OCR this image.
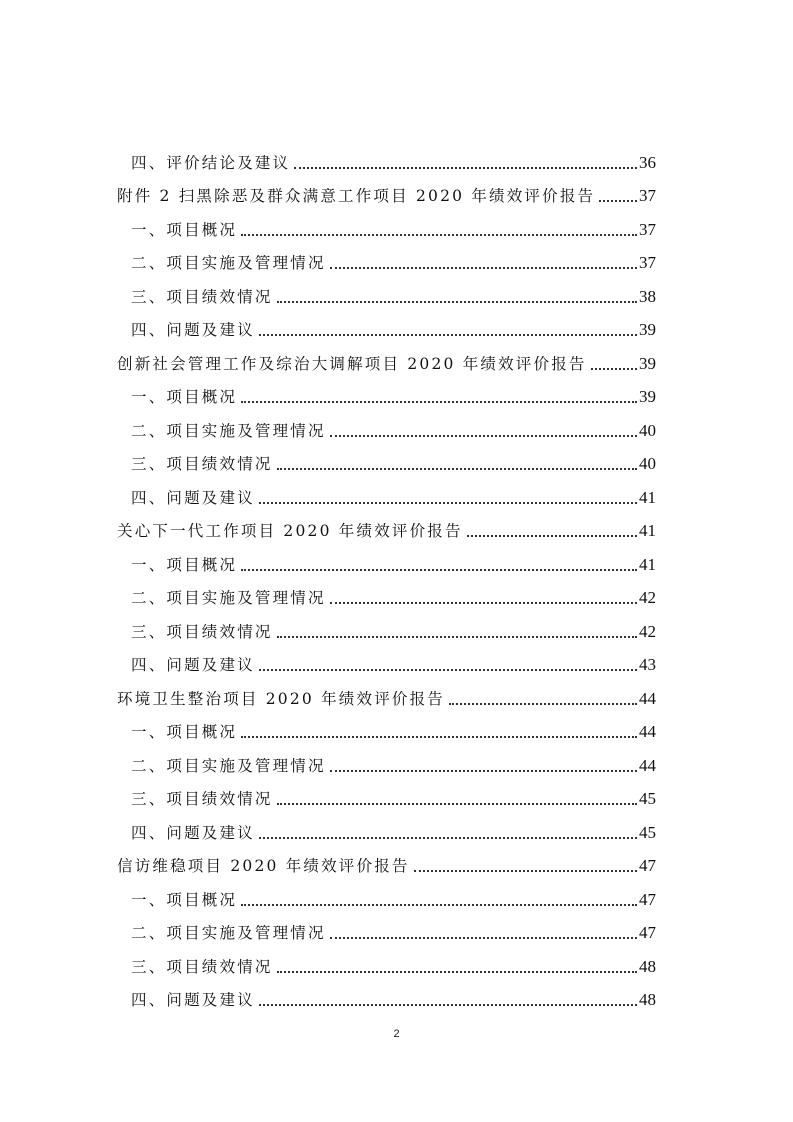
四、评价结论及建议	36
附件 2 扫黑除恶及群众满意工作项目 2020 年绩效评价报告	37
一、项目概况	37
二、项目实施及管理情况	37
三、项目绩效情况	38
四、问题及建议	39
创新社会管理工作及综治大调解项目 2020 年绩效评价报告	39
一、项目概况	39
二、项目实施及管理情况	40
三、项目绩效情况	40
四、问题及建议	41
关心下一代工作项目 2020 年绩效评价报告	41
一、项目概况	41
二、项目实施及管理情况	42
三、项目绩效情况	42
四、问题及建议	43
环境卫生整治项目 2020 年绩效评价报告	44
一、项目概况	44
二、项目实施及管理情况	44
三、项目绩效情况	45
四、问题及建议	45
信访维稳项目 2020 年绩效评价报告	47
一、项目概况	47
二、项目实施及管理情况	47
三、项目绩效情况	48
四、问题及建议	48
2
